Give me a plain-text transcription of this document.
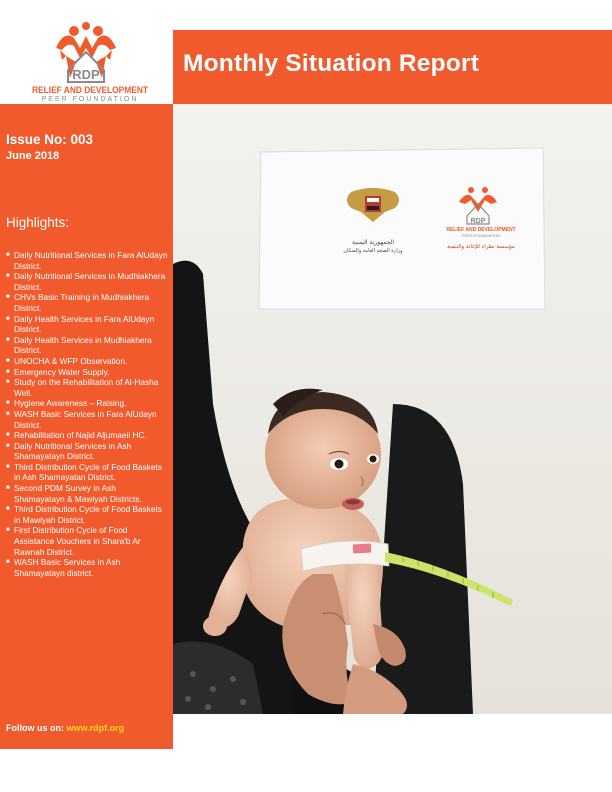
RDP
RELIEF AND DEVELOPMENT
PEER FOUNDATION
Monthly Situation Report
Issue No: 003
June 2018
Highlights:
■ Daily Nutritional Services in Fara AlUdayn District.
■ Daily Nutritional Services in Mudhiakhera District.
■ CHVs Basic Training in Mudhiakhera District.
■ Daily Health Services in Fara AlUdayn District.
■ Daily Health Services in Mudhiakhera District.
■ UNOCHA & WFP Observation.
■ Emergency Water Supply.
■ Study on the Rehabilitation of Al-Hasha Well.
■ Hygiene Awareness – Raising.
■ WASH Basic Services in Fara AlUdayn District.
■ Rehabilitation of Najid Aljumaeii HC.
■ Daily Nutritional Services in Ash Shamayatayn District.
■ Third Distribution Cycle of Food Baskets in Ash Shamayatan District.
■ Second PDM Survey in Ash Shamayatayn & Mawiyah Districts.
■ Third Distribution Cycle of Food Baskets in Mawiyah District.
■ First Distribution Cycle of Food Assistance Vouchers in Shara'b Ar Rawnah District.
■ WASH Basic Services in Ash Shamayatayn district.
Follow us on: www.rdpf.org
الجمهورية اليمنية
وزارة الصحة العامة والسكان
RDP
RELIEF AND DEVELOPMENT
PEER FOUNDATION
مؤسسة نظراء للإغاثة والتنمية
